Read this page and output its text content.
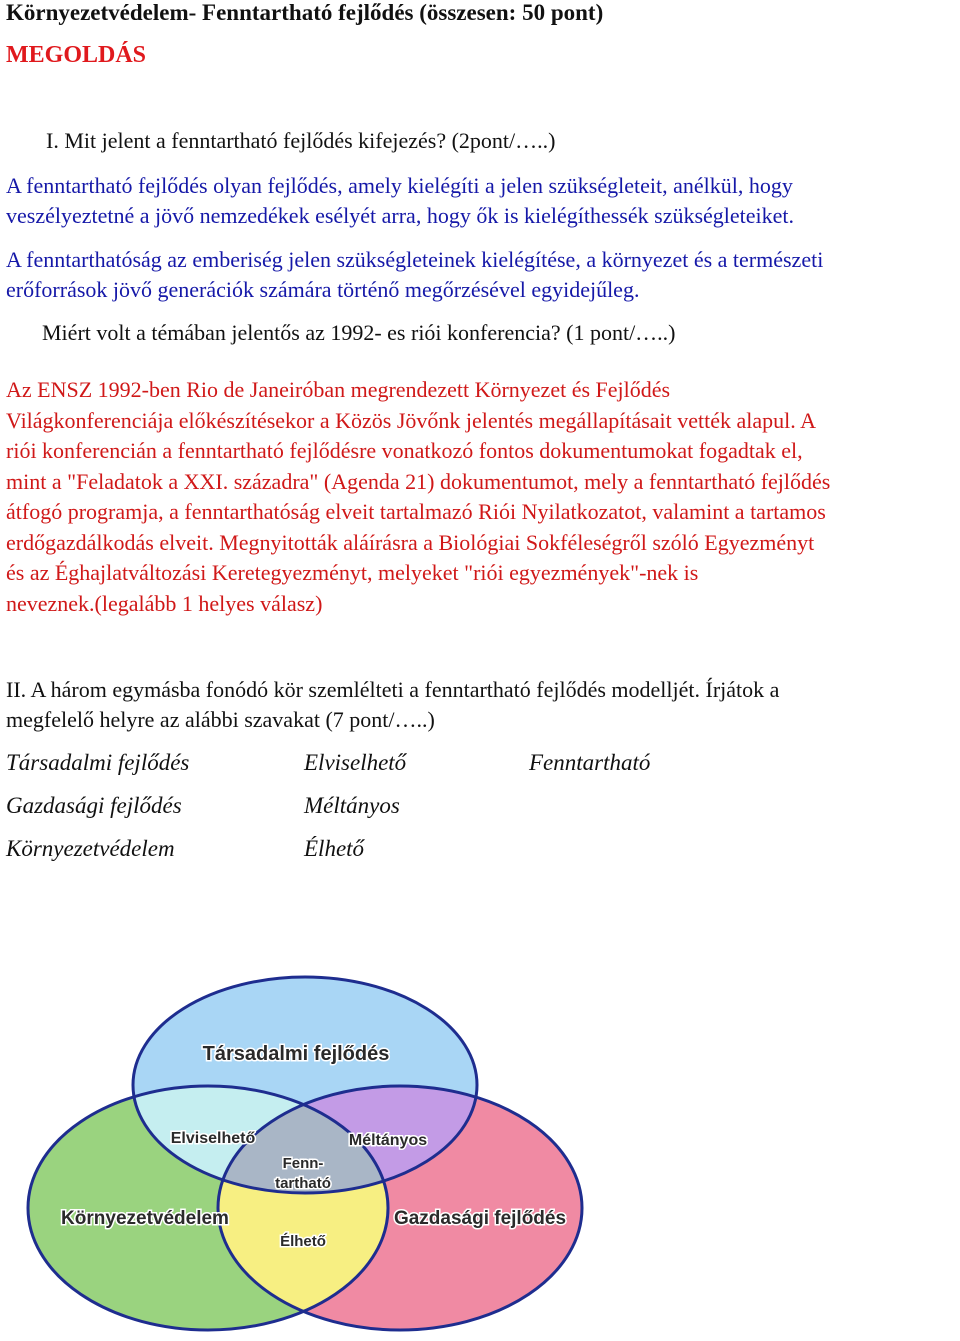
Környezetvédelem- Fenntartható fejlődés (összesen: 50 pont)
MEGOLDÁS
I. Mit jelent a fenntartható fejlődés kifejezés? (2pont/…..)
A fenntartható fejlődés olyan fejlődés, amely kielégíti a jelen szükségleteit, anélkül, hogy
veszélyeztetné a jövő nemzedékek esélyét arra, hogy ők is kielégíthessék szükségleteiket.
A fenntarthatóság az emberiség jelen szükségleteinek kielégítése, a környezet és a természeti
erőforrások jövő generációk számára történő megőrzésével egyidejűleg.
Miért volt a témában jelentős az 1992- es riói konferencia? (1 pont/…..)
Az ENSZ 1992-ben Rio de Janeiróban megrendezett Környezet és Fejlődés
Világkonferenciája előkészítésekor a Közös Jövőnk jelentés megállapításait vették alapul. A
riói konferencián a fenntartható fejlődésre vonatkozó fontos dokumentumokat fogadtak el,
mint a "Feladatok a XXI. századra" (Agenda 21) dokumentumot, mely a fenntartható fejlődés
átfogó programja, a fenntarthatóság elveit tartalmazó Riói Nyilatkozatot, valamint a tartamos
erdőgazdálkodás elveit. Megnyitották aláírásra a Biológiai Sokféleségről szóló Egyezményt
és az Éghajlatváltozási Keretegyezményt, melyeket "riói egyezmények"-nek is
neveznek.(legalább 1 helyes válasz)
II. A három egymásba fonódó kör szemlélteti a fenntartható fejlődés modelljét. Írjátok a
megfelelő helyre az alábbi szavakat (7 pont/…..)
Társadalmi fejlődés
Gazdasági fejlődés
Környezetvédelem
Elviselhető
Méltányos
Élhető
Fenntartható
Társadalmi fejlődés
Elviselhető	Méltányos
Fenn-
tartható
Környezetvédelem	Gazdasági fejlődés
Élhető
